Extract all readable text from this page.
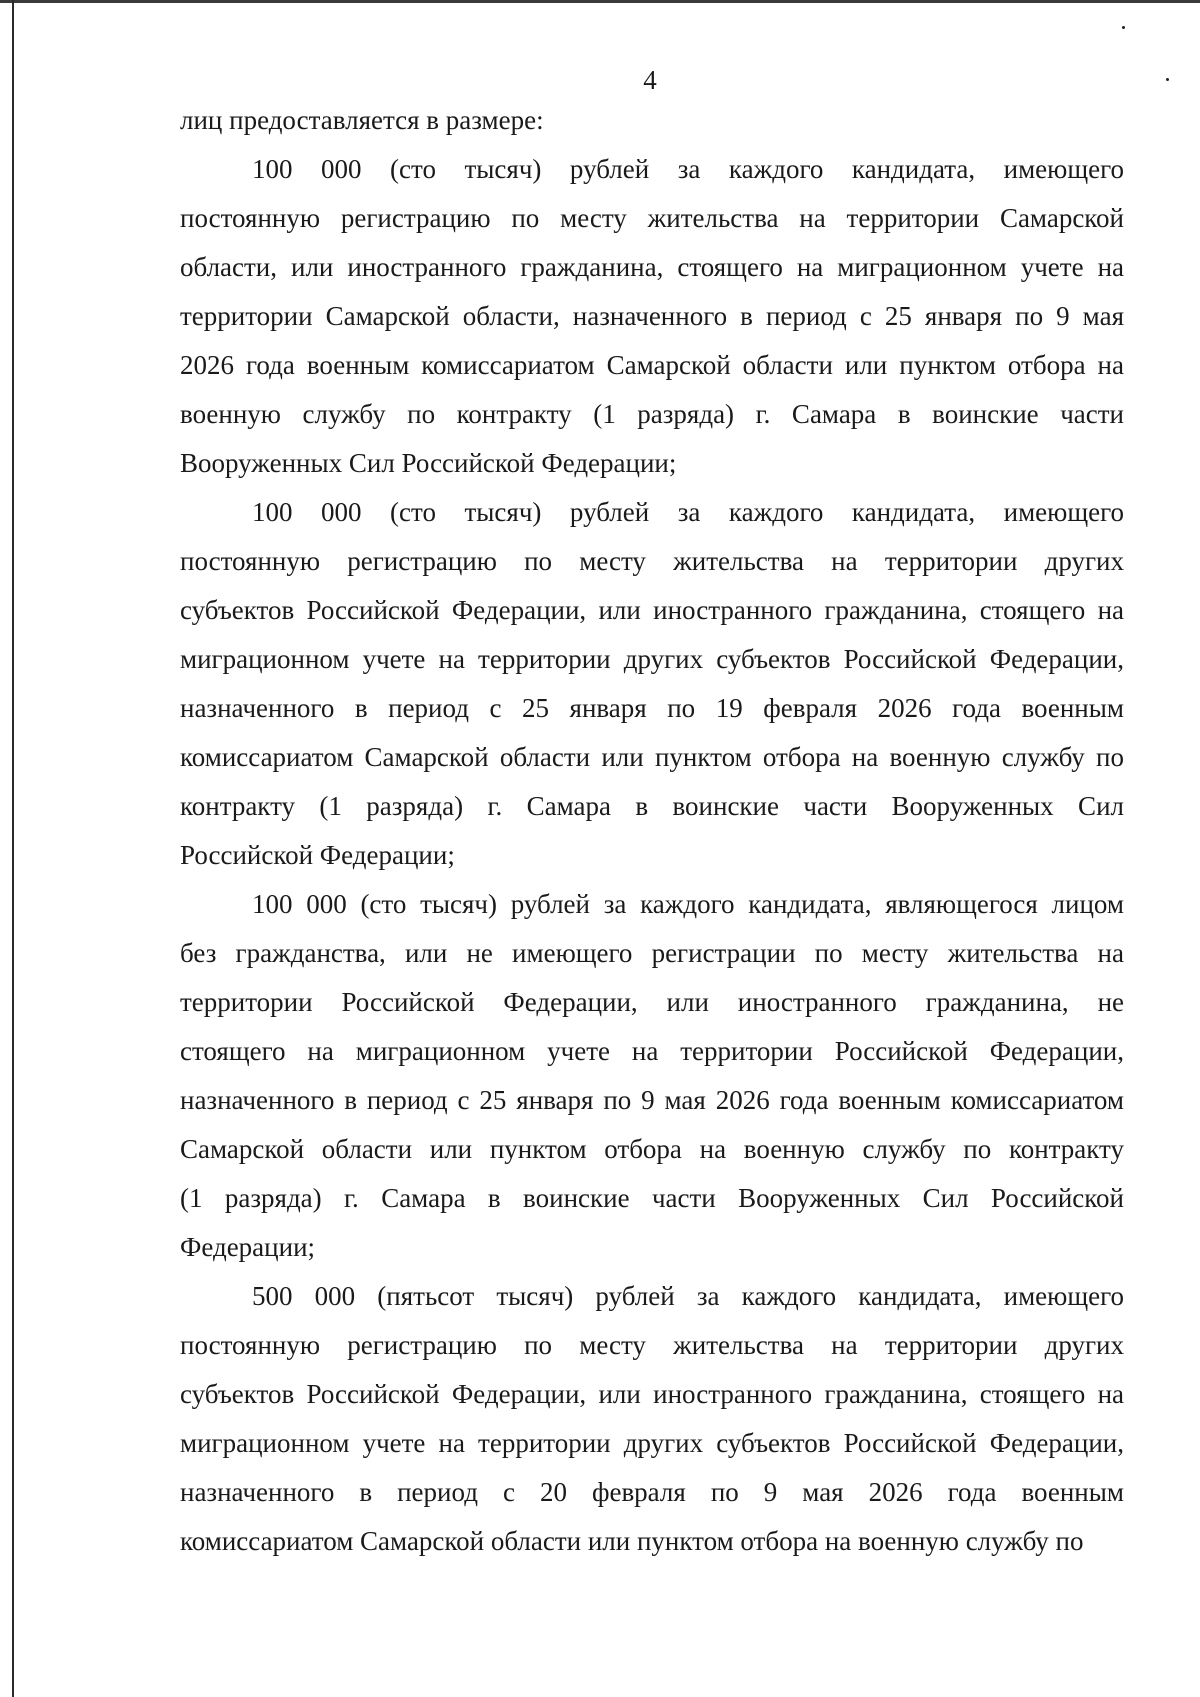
4
лиц предоставляется в размере:
100 000 (сто тысяч) рублей за каждого кандидата, имеющего
постоянную регистрацию по месту жительства на территории Самарской
области, или иностранного гражданина, стоящего на миграционном учете на
территории Самарской области, назначенного в период с 25 января по 9 мая
2026 года военным комиссариатом Самарской области или пунктом отбора на
военную службу по контракту (1 разряда) г. Самара в воинские части
Вооруженных Сил Российской Федерации;
100 000 (сто тысяч) рублей за каждого кандидата, имеющего
постоянную регистрацию по месту жительства на территории других
субъектов Российской Федерации, или иностранного гражданина, стоящего на
миграционном учете на территории других субъектов Российской Федерации,
назначенного в период с 25 января по 19 февраля 2026 года военным
комиссариатом Самарской области или пунктом отбора на военную службу по
контракту (1 разряда) г. Самара в воинские части Вооруженных Сил
Российской Федерации;
100 000 (сто тысяч) рублей за каждого кандидата, являющегося лицом
без гражданства, или не имеющего регистрации по месту жительства на
территории Российской Федерации, или иностранного гражданина, не
стоящего на миграционном учете на территории Российской Федерации,
назначенного в период с 25 января по 9 мая 2026 года военным комиссариатом
Самарской области или пунктом отбора на военную службу по контракту
(1 разряда) г. Самара в воинские части Вооруженных Сил Российской
Федерации;
500 000 (пятьсот тысяч) рублей за каждого кандидата, имеющего
постоянную регистрацию по месту жительства на территории других
субъектов Российской Федерации, или иностранного гражданина, стоящего на
миграционном учете на территории других субъектов Российской Федерации,
назначенного в период с 20 февраля по 9 мая 2026 года военным
комиссариатом Самарской области или пунктом отбора на военную службу по
